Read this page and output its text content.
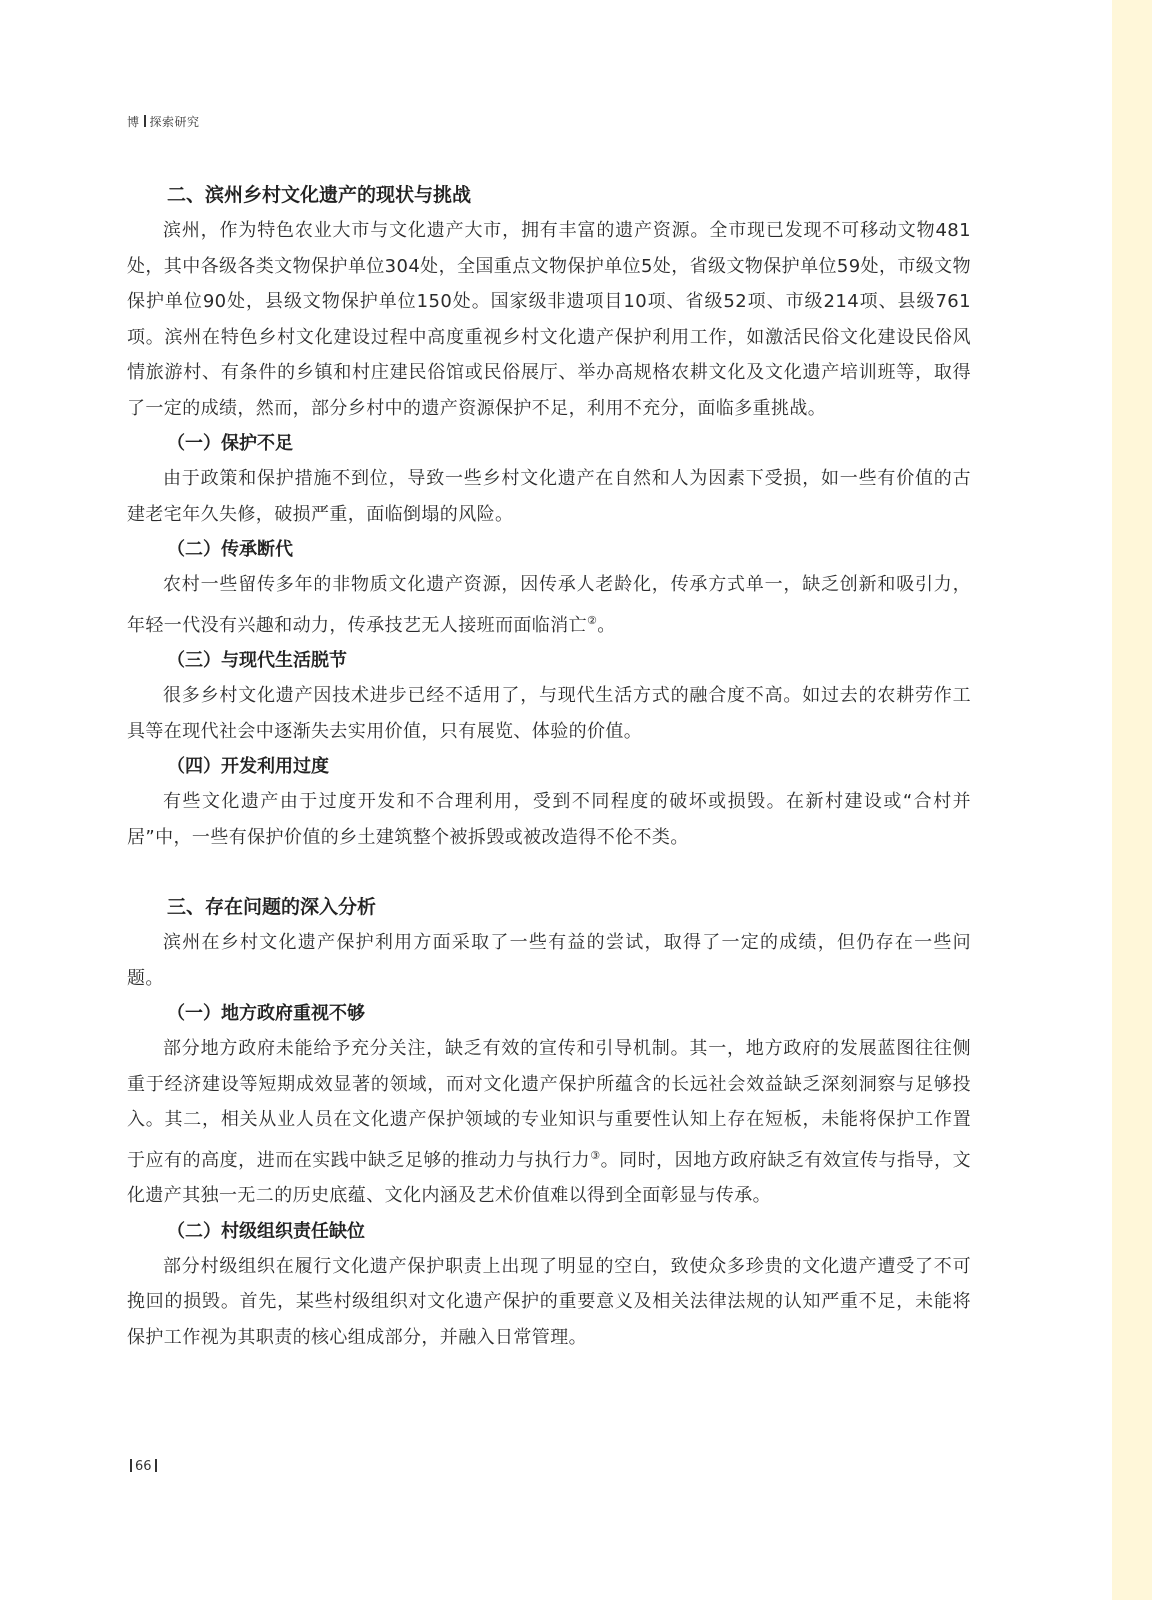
博 探索研究
二、滨州乡村文化遗产的现状与挑战

滨州，作为特色农业大市与文化遗产大市，拥有丰富的遗产资源。全市现已发现不可移动文物481处，其中各级各类文物保护单位304处，全国重点文物保护单位5处，省级文物保护单位59处，市级文物保护单位90处，县级文物保护单位150处。国家级非遗项目10项、省级52项、市级214项、县级761项。滨州在特色乡村文化建设过程中高度重视乡村文化遗产保护利用工作，如激活民俗文化建设民俗风情旅游村、有条件的乡镇和村庄建民俗馆或民俗展厅、举办高规格农耕文化及文化遗产培训班等，取得了一定的成绩，然而，部分乡村中的遗产资源保护不足，利用不充分，面临多重挑战。

（一）保护不足

由于政策和保护措施不到位，导致一些乡村文化遗产在自然和人为因素下受损，如一些有价值的古建老宅年久失修，破损严重，面临倒塌的风险。

（二）传承断代

农村一些留传多年的非物质文化遗产资源，因传承人老龄化，传承方式单一，缺乏创新和吸引力，年轻一代没有兴趣和动力，传承技艺无人接班而面临消亡②。

（三）与现代生活脱节

很多乡村文化遗产因技术进步已经不适用了，与现代生活方式的融合度不高。如过去的农耕劳作工具等在现代社会中逐渐失去实用价值，只有展览、体验的价值。

（四）开发利用过度

有些文化遗产由于过度开发和不合理利用，受到不同程度的破坏或损毁。在新村建设或“合村并居”中，一些有保护价值的乡土建筑整个被拆毁或被改造得不伦不类。

三、存在问题的深入分析

滨州在乡村文化遗产保护利用方面采取了一些有益的尝试，取得了一定的成绩，但仍存在一些问题。

（一）地方政府重视不够

部分地方政府未能给予充分关注，缺乏有效的宣传和引导机制。其一，地方政府的发展蓝图往往侧重于经济建设等短期成效显著的领域，而对文化遗产保护所蕴含的长远社会效益缺乏深刻洞察与足够投入。其二，相关从业人员在文化遗产保护领域的专业知识与重要性认知上存在短板，未能将保护工作置于应有的高度，进而在实践中缺乏足够的推动力与执行力③。同时，因地方政府缺乏有效宣传与指导，文化遗产其独一无二的历史底蕴、文化内涵及艺术价值难以得到全面彰显与传承。

（二）村级组织责任缺位

部分村级组织在履行文化遗产保护职责上出现了明显的空白，致使众多珍贵的文化遗产遭受了不可挽回的损毁。首先，某些村级组织对文化遗产保护的重要意义及相关法律法规的认知严重不足，未能将保护工作视为其职责的核心组成部分，并融入日常管理。

66
